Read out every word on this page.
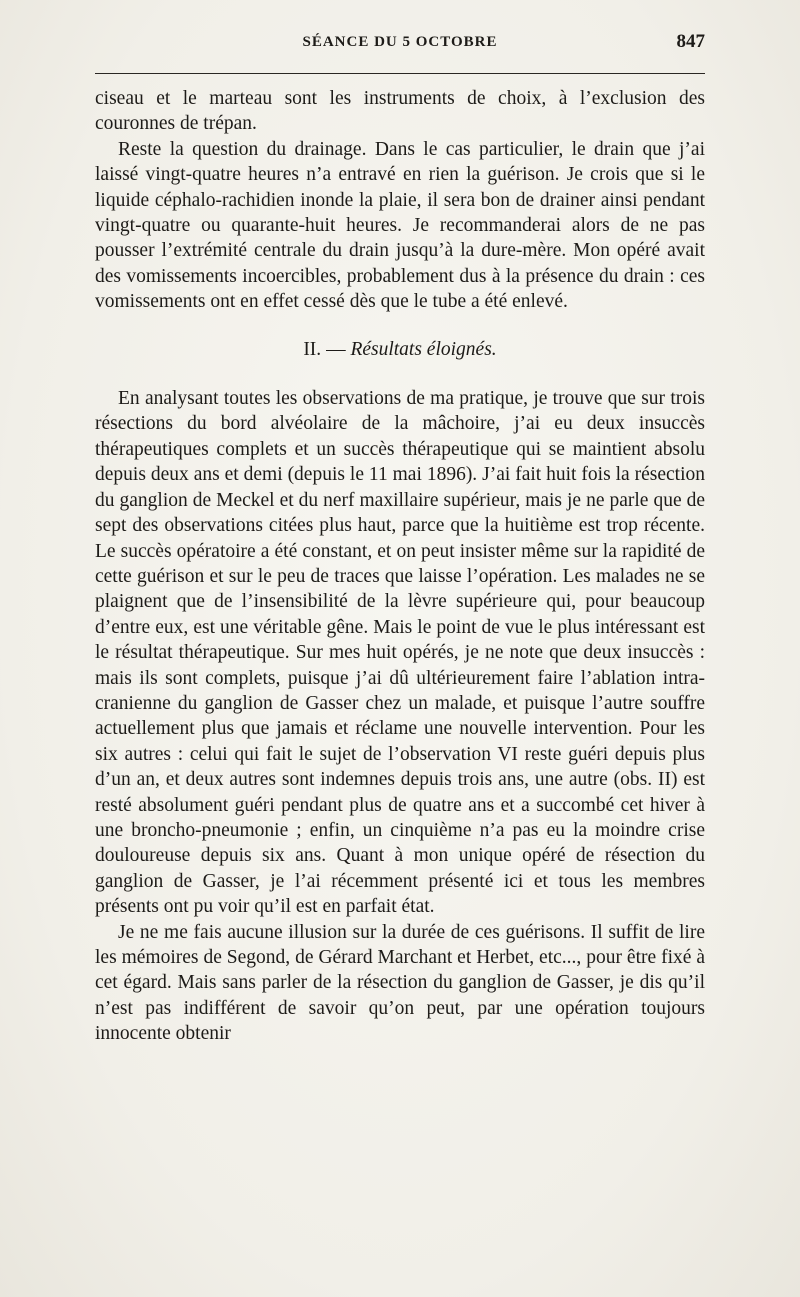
SÉANCE DU 5 OCTOBRE	847

ciseau et le marteau sont les instruments de choix, à l’exclusion des couronnes de trépan.

Reste la question du drainage. Dans le cas particulier, le drain que j’ai laissé vingt-quatre heures n’a entravé en rien la guérison. Je crois que si le liquide céphalo-rachidien inonde la plaie, il sera bon de drainer ainsi pendant vingt-quatre ou quarante-huit heures. Je recommanderai alors de ne pas pousser l’extrémité centrale du drain jusqu’à la dure-mère. Mon opéré avait des vomissements incoercibles, probablement dus à la présence du drain : ces vomissements ont en effet cessé dès que le tube a été enlevé.

II. — Résultats éloignés.

En analysant toutes les observations de ma pratique, je trouve que sur trois résections du bord alvéolaire de la mâchoire, j’ai eu deux insuccès thérapeutiques complets et un succès thérapeutique qui se maintient absolu depuis deux ans et demi (depuis le 11 mai 1896). J’ai fait huit fois la résection du ganglion de Meckel et du nerf maxillaire supérieur, mais je ne parle que de sept des observations citées plus haut, parce que la huitième est trop récente. Le succès opératoire a été constant, et on peut insister même sur la rapidité de cette guérison et sur le peu de traces que laisse l’opération. Les malades ne se plaignent que de l’insensibilité de la lèvre supérieure qui, pour beaucoup d’entre eux, est une véritable gêne. Mais le point de vue le plus intéressant est le résultat thérapeutique. Sur mes huit opérés, je ne note que deux insuccès : mais ils sont complets, puisque j’ai dû ultérieurement faire l’ablation intra-cranienne du ganglion de Gasser chez un malade, et puisque l’autre souffre actuellement plus que jamais et réclame une nouvelle intervention. Pour les six autres : celui qui fait le sujet de l’observation VI reste guéri depuis plus d’un an, et deux autres sont indemnes depuis trois ans, une autre (obs. II) est resté absolument guéri pendant plus de quatre ans et a succombé cet hiver à une broncho-pneumonie ; enfin, un cinquième n’a pas eu la moindre crise douloureuse depuis six ans. Quant à mon unique opéré de résection du ganglion de Gasser, je l’ai récemment présenté ici et tous les membres présents ont pu voir qu’il est en parfait état.

Je ne me fais aucune illusion sur la durée de ces guérisons. Il suffit de lire les mémoires de Segond, de Gérard Marchant et Herbet, etc..., pour être fixé à cet égard. Mais sans parler de la résection du ganglion de Gasser, je dis qu’il n’est pas indifférent de savoir qu’on peut, par une opération toujours innocente obtenir
